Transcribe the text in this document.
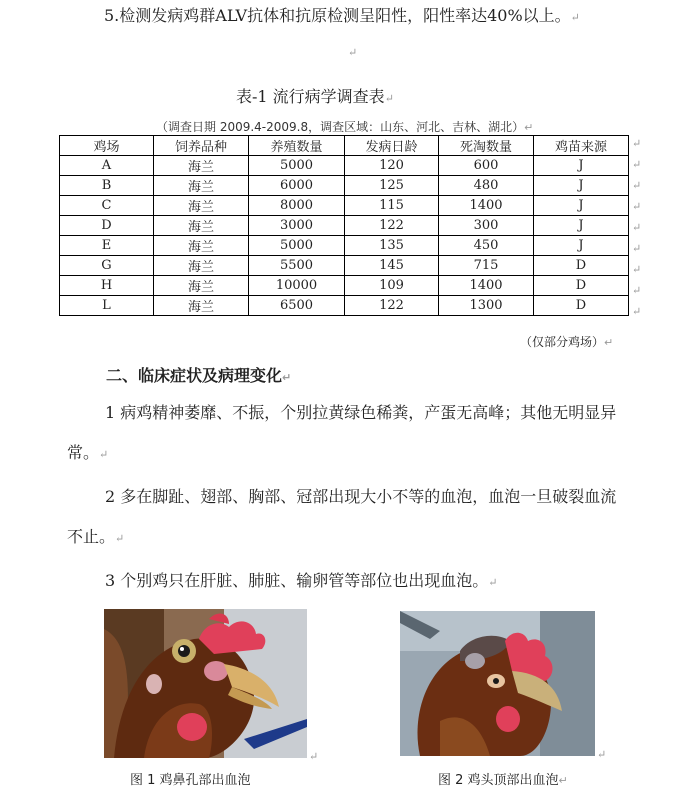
5.检测发病鸡群ALV抗体和抗原检测呈阳性，阳性率达40%以上。↵
↵
表-1 流行病学调查表↵
（调查日期 2009.4-2009.8，调查区域：山东、河北、吉林、湖北）↵
鸡场	饲养品种	养殖数量	发病日龄	死淘数量	鸡苗来源
A	海兰	5000	120	600	J
B	海兰	6000	125	480	J
C	海兰	8000	115	1400	J
D	海兰	3000	122	300	J
E	海兰	5000	135	450	J
G	海兰	5500	145	715	D
H	海兰	10000	109	1400	D
L	海兰	6500	122	1300	D
↵
↵
↵
↵
↵
↵
↵
↵
↵
（仅部分鸡场）↵
二、临床症状及病理变化↵
1 病鸡精神萎靡、不振，个别拉黄绿色稀粪，产蛋无高峰；其他无明显异常。↵
2 多在脚趾、翅部、胸部、冠部出现大小不等的血泡，血泡一旦破裂血流不止。↵
3 个别鸡只在肝脏、肺脏、输卵管等部位也出现血泡。↵
↵	↵
图 1 鸡鼻孔部出血泡	图 2 鸡头顶部出血泡↵
